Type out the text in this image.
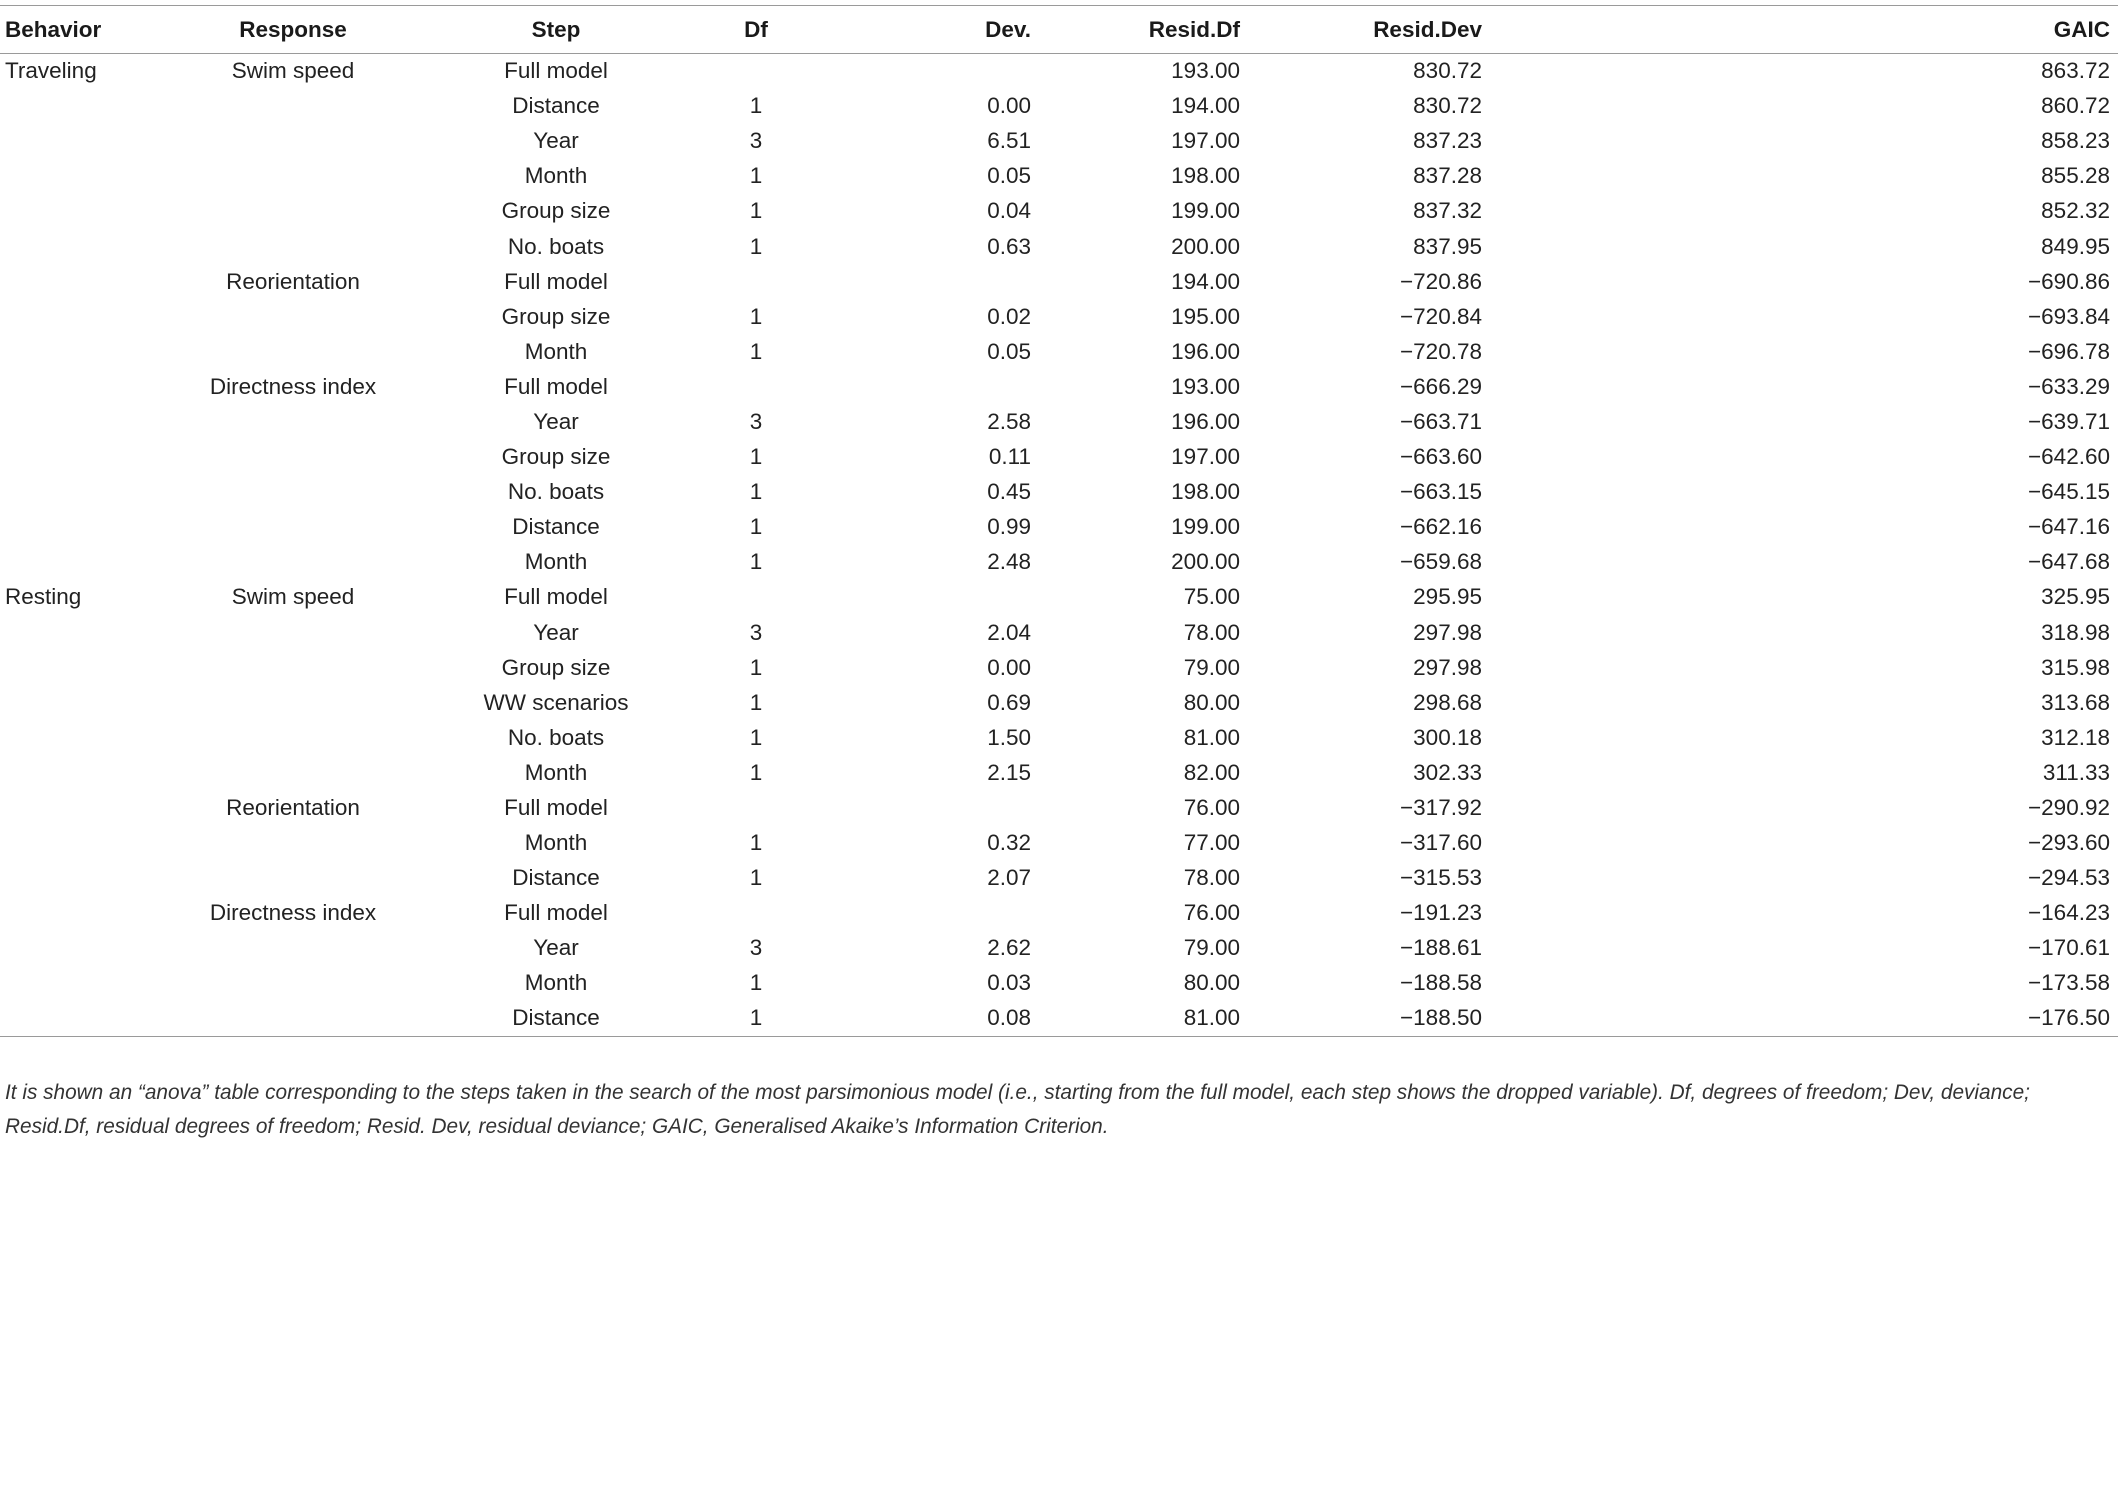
Behavior	Response	Step	Df	Dev.	Resid.Df	Resid.Dev	GAIC
Traveling	Swim speed	Full model			193.00	830.72	863.72
		Distance	1	0.00	194.00	830.72	860.72
		Year	3	6.51	197.00	837.23	858.23
		Month	1	0.05	198.00	837.28	855.28
		Group size	1	0.04	199.00	837.32	852.32
		No. boats	1	0.63	200.00	837.95	849.95
	Reorientation	Full model			194.00	−720.86	−690.86
		Group size	1	0.02	195.00	−720.84	−693.84
		Month	1	0.05	196.00	−720.78	−696.78
	Directness index	Full model			193.00	−666.29	−633.29
		Year	3	2.58	196.00	−663.71	−639.71
		Group size	1	0.11	197.00	−663.60	−642.60
		No. boats	1	0.45	198.00	−663.15	−645.15
		Distance	1	0.99	199.00	−662.16	−647.16
		Month	1	2.48	200.00	−659.68	−647.68
Resting	Swim speed	Full model			75.00	295.95	325.95
		Year	3	2.04	78.00	297.98	318.98
		Group size	1	0.00	79.00	297.98	315.98
		WW scenarios	1	0.69	80.00	298.68	313.68
		No. boats	1	1.50	81.00	300.18	312.18
		Month	1	2.15	82.00	302.33	311.33
	Reorientation	Full model			76.00	−317.92	−290.92
		Month	1	0.32	77.00	−317.60	−293.60
		Distance	1	2.07	78.00	−315.53	−294.53
	Directness index	Full model			76.00	−191.23	−164.23
		Year	3	2.62	79.00	−188.61	−170.61
		Month	1	0.03	80.00	−188.58	−173.58
		Distance	1	0.08	81.00	−188.50	−176.50

It is shown an “anova” table corresponding to the steps taken in the search of the most parsimonious model (i.e., starting from the full model, each step shows the dropped variable). Df, degrees of freedom; Dev, deviance; Resid.Df, residual degrees of freedom; Resid. Dev, residual deviance; GAIC, Generalised Akaike’s Information Criterion.
